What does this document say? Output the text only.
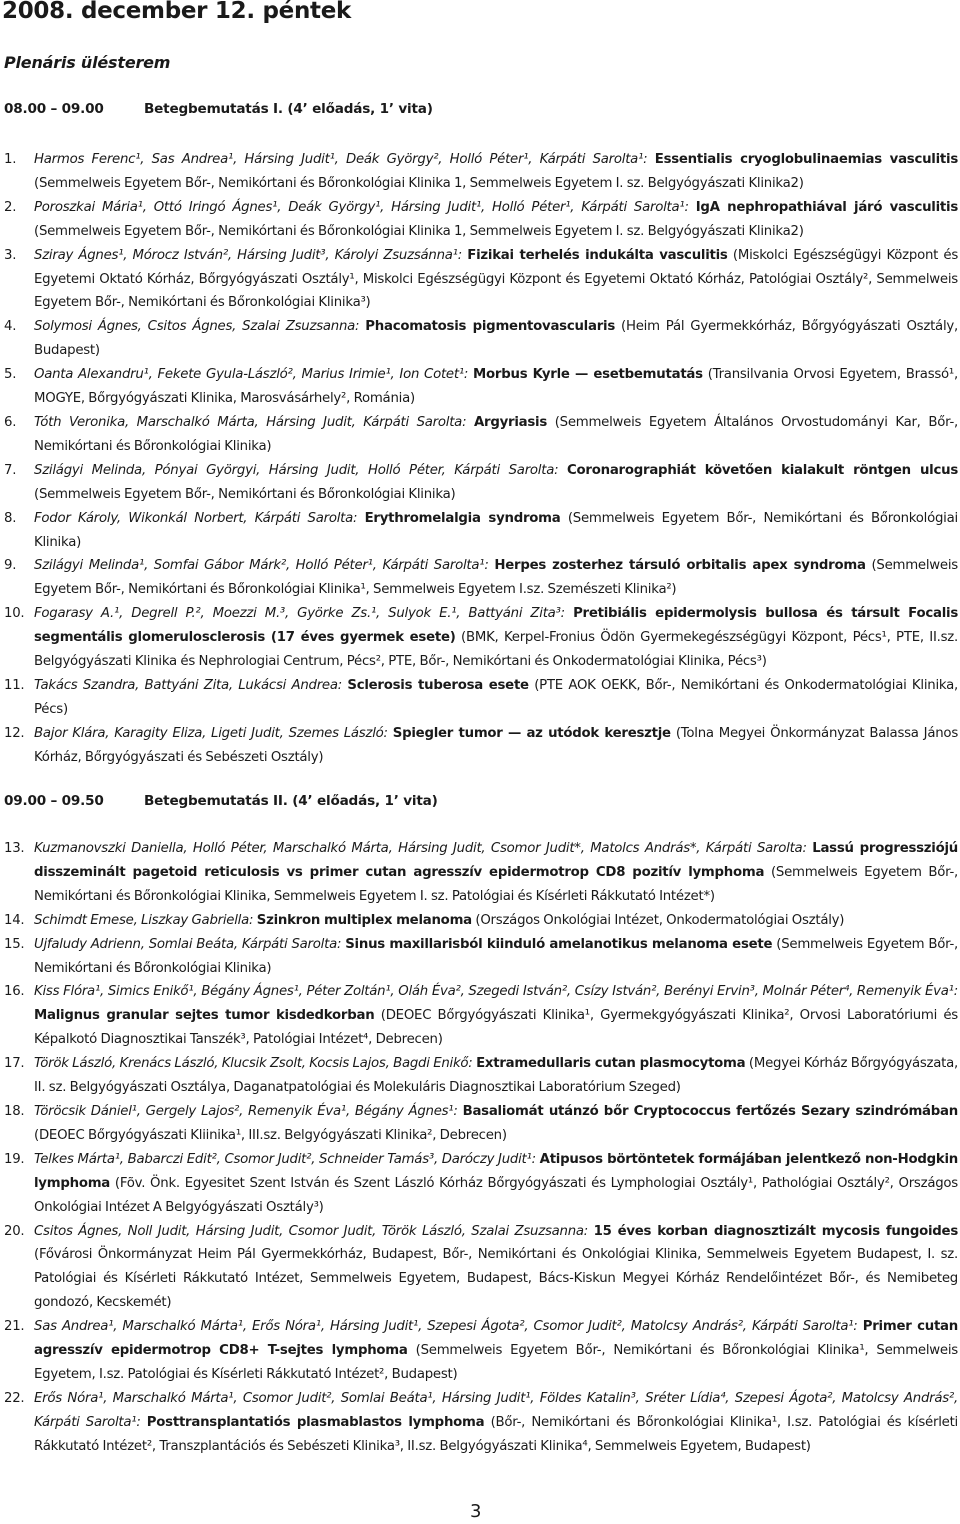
2008. december 12. péntek
Plenáris ülésterem
08.00 – 09.00	Betegbemutatás I. (4’ előadás, 1’ vita)
1. Harmos Ferenc¹, Sas Andrea¹, Hársing Judit¹, Deák György², Holló Péter¹, Kárpáti Sarolta¹: Essentialis cryoglobulinaemias vasculitis (Semmelweis Egyetem Bőr-, Nemikórtani és Bőronkológiai Klinika 1, Semmelweis Egyetem I. sz. Belgyógyászati Klinika2)
2. Poroszkai Mária¹, Ottó Iringó Ágnes¹, Deák György¹, Hársing Judit¹, Holló Péter¹, Kárpáti Sarolta¹: IgA nephropathiával járó vasculitis (Semmelweis Egyetem Bőr-, Nemikórtani és Bőronkológiai Klinika 1, Semmelweis Egyetem I. sz. Belgyógyászati Klinika2)
3. Sziray Ágnes¹, Mórocz István², Hársing Judit³, Károlyi Zsuzsánna¹: Fizikai terhelés indukálta vasculitis (Miskolci Egészségügyi Központ és Egyetemi Oktató Kórház, Bőrgyógyászati Osztály¹, Miskolci Egészségügyi Központ és Egyetemi Oktató Kórház, Patológiai Osztály², Semmelweis Egyetem Bőr-, Nemikórtani és Bőronkológiai Klinika³)
4. Solymosi Ágnes, Csitos Ágnes, Szalai Zsuzsanna: Phacomatosis pigmentovascularis (Heim Pál Gyermekkórház, Bőrgyógyászati Osztály, Budapest)
5. Oanta Alexandru¹, Fekete Gyula-László², Marius Irimie¹, Ion Cotet¹: Morbus Kyrle — esetbemutatás (Transilvania Orvosi Egyetem, Brassó¹, MOGYE, Bőrgyógyászati Klinika, Marosvásárhely², Románia)
6. Tóth Veronika, Marschalkó Márta, Hársing Judit, Kárpáti Sarolta: Argyriasis (Semmelweis Egyetem Általános Orvostudományi Kar, Bőr-, Nemikórtani és Bőronkológiai Klinika)
7. Szilágyi Melinda, Pónyai Györgyi, Hársing Judit, Holló Péter, Kárpáti Sarolta: Coronarographiát követően kialakult röntgen ulcus (Semmelweis Egyetem Bőr-, Nemikórtani és Bőronkológiai Klinika)
8. Fodor Károly, Wikonkál Norbert, Kárpáti Sarolta: Erythromelalgia syndroma (Semmelweis Egyetem Bőr-, Nemikórtani és Bőronkológiai Klinika)
9. Szilágyi Melinda¹, Somfai Gábor Márk², Holló Péter¹, Kárpáti Sarolta¹: Herpes zosterhez társuló orbitalis apex syndroma (Semmelweis Egyetem Bőr-, Nemikórtani és Bőronkológiai Klinika¹, Semmelweis Egyetem I.sz. Szemészeti Klinika²)
10. Fogarasy A.¹, Degrell P.², Moezzi M.³, Györke Zs.¹, Sulyok E.¹, Battyáni Zita³: Pretibiális epidermolysis bullosa és társult Focalis segmentális glomerulosclerosis (17 éves gyermek esete) (BMK, Kerpel-Fronius Ödön Gyermekegészségügyi Központ, Pécs¹, PTE, II.sz. Belgyógyászati Klinika és Nephrologiai Centrum, Pécs², PTE, Bőr-, Nemikórtani és Onkodermatológiai Klinika, Pécs³)
11. Takács Szandra, Battyáni Zita, Lukácsi Andrea: Sclerosis tuberosa esete (PTE AOK OEKK, Bőr-, Nemikórtani és Onkodermatológiai Klinika, Pécs)
12. Bajor Klára, Karagity Eliza, Ligeti Judit, Szemes László: Spiegler tumor — az utódok keresztje (Tolna Megyei Önkormányzat Balassa János Kórház, Bőrgyógyászati és Sebészeti Osztály)
09.00 – 09.50	Betegbemutatás II. (4’ előadás, 1’ vita)
13. Kuzmanovszki Daniella, Holló Péter, Marschalkó Márta, Hársing Judit, Csomor Judit*, Matolcs András*, Kárpáti Sarolta: Lassú progressziójú disszeminált pagetoid reticulosis vs primer cutan agresszív epidermotrop CD8 pozitív lymphoma (Semmelweis Egyetem Bőr-, Nemikórtani és Bőronkológiai Klinika, Semmelweis Egyetem I. sz. Patológiai és Kísérleti Rákkutató Intézet*)
14. Schimdt Emese, Liszkay Gabriella: Szinkron multiplex melanoma (Országos Onkológiai Intézet, Onkodermatológiai Osztály)
15. Ujfaludy Adrienn, Somlai Beáta, Kárpáti Sarolta: Sinus maxillarisból kiinduló amelanotikus melanoma esete (Semmelweis Egyetem Bőr-, Nemikórtani és Bőronkológiai Klinika)
16. Kiss Flóra¹, Simics Enikő¹, Bégány Ágnes¹, Péter Zoltán¹, Oláh Éva², Szegedi István², Csízy István², Berényi Ervin³, Molnár Péter⁴, Remenyik Éva¹: Malignus granular sejtes tumor kisdedkorban (DEOEC Bőrgyógyászati Klinika¹, Gyermekgyógyászati Klinika², Orvosi Laboratóriumi és Képalkotó Diagnosztikai Tanszék³, Patológiai Intézet⁴, Debrecen)
17. Török László, Krenács László, Klucsik Zsolt, Kocsis Lajos, Bagdi Enikő: Extramedullaris cutan plasmocytoma (Megyei Kórház Bőrgyógyászata, II. sz. Belgyógyászati Osztálya, Daganatpatológiai és Molekuláris Diagnosztikai Laboratórium Szeged)
18. Töröcsik Dániel¹, Gergely Lajos², Remenyik Éva¹, Bégány Ágnes¹: Basaliomát utánzó bőr Cryptococcus fertőzés Sezary szindrómában (DEOEC Bőrgyógyászati Kliinika¹, III.sz. Belgyógyászati Klinika², Debrecen)
19. Telkes Márta¹, Babarczi Edit², Csomor Judit², Schneider Tamás³, Daróczy Judit¹: Atipusos börtöntetek formájában jelentkező non-Hodgkin lymphoma (Fõv. Önk. Egyesitet Szent István és Szent László Kórház Bőrgyógyászati és Lymphologiai Osztály¹, Pathológiai Osztály², Országos Onkológiai Intézet A Belgyógyászati Osztály³)
20. Csitos Ágnes, Noll Judit, Hársing Judit, Csomor Judit, Török László, Szalai Zsuzsanna: 15 éves korban diagnosztizált mycosis fungoides (Fővárosi Önkormányzat Heim Pál Gyermekkórház, Budapest, Bőr-, Nemikórtani és Onkológiai Klinika, Semmelweis Egyetem Budapest, I. sz. Patológiai és Kísérleti Rákkutató Intézet, Semmelweis Egyetem, Budapest, Bács-Kiskun Megyei Kórház Rendelőintézet Bőr-, és Nemibeteg gondozó, Kecskemét)
21. Sas Andrea¹, Marschalkó Márta¹, Erős Nóra¹, Hársing Judit¹, Szepesi Ágota², Csomor Judit², Matolcsy András², Kárpáti Sarolta¹: Primer cutan agresszív epidermotrop CD8+ T-sejtes lymphoma (Semmelweis Egyetem Bőr-, Nemikórtani és Bőronkológiai Klinika¹, Semmelweis Egyetem, I.sz. Patológiai és Kísérleti Rákkutató Intézet², Budapest)
22. Erős Nóra¹, Marschalkó Márta¹, Csomor Judit², Somlai Beáta¹, Hársing Judit¹, Földes Katalin³, Sréter Lídia⁴, Szepesi Ágota², Matolcsy András², Kárpáti Sarolta¹: Posttransplantatiós plasmablastos lymphoma (Bőr-, Nemikórtani és Bőronkológiai Klinika¹, I.sz. Patológiai és kísérleti Rákkutató Intézet², Transzplantációs és Sebészeti Klinika³, II.sz. Belgyógyászati Klinika⁴, Semmelweis Egyetem, Budapest)
3
